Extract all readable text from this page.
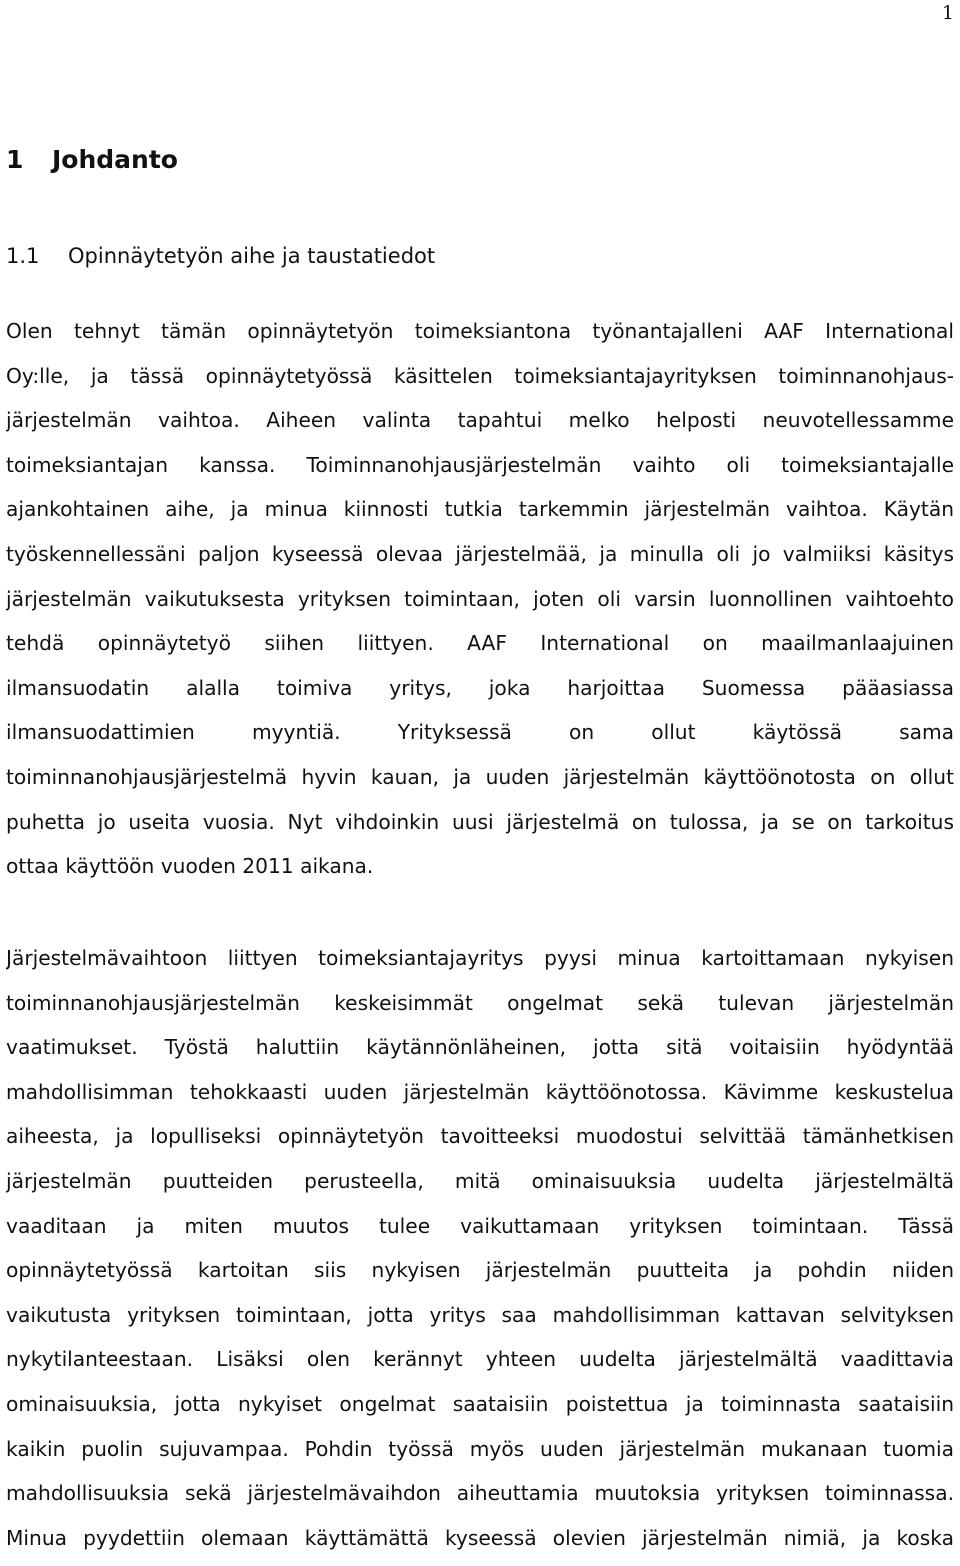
1
1 Johdanto
1.1 Opinnäytetyön aihe ja taustatiedot
Olen tehnyt tämän opinnäytetyön toimeksiantona työnantajalleni AAF International
Oy:lle, ja tässä opinnäytetyössä käsittelen toimeksiantajayrityksen toiminnanohjaus-
järjestelmän vaihtoa. Aiheen valinta tapahtui melko helposti neuvotellessamme
toimeksiantajan kanssa. Toiminnanohjausjärjestelmän vaihto oli toimeksiantajalle
ajankohtainen aihe, ja minua kiinnosti tutkia tarkemmin järjestelmän vaihtoa. Käytän
työskennellessäni paljon kyseessä olevaa järjestelmää, ja minulla oli jo valmiiksi käsitys
järjestelmän vaikutuksesta yrityksen toimintaan, joten oli varsin luonnollinen vaihtoehto
tehdä opinnäytetyö siihen liittyen. AAF International on maailmanlaajuinen
ilmansuodatin alalla toimiva yritys, joka harjoittaa Suomessa pääasiassa
ilmansuodattimien myyntiä. Yrityksessä on ollut käytössä sama
toiminnanohjausjärjestelmä hyvin kauan, ja uuden järjestelmän käyttöönotosta on ollut
puhetta jo useita vuosia. Nyt vihdoinkin uusi järjestelmä on tulossa, ja se on tarkoitus
ottaa käyttöön vuoden 2011 aikana.
Järjestelmävaihtoon liittyen toimeksiantajayritys pyysi minua kartoittamaan nykyisen
toiminnanohjausjärjestelmän keskeisimmät ongelmat sekä tulevan järjestelmän
vaatimukset. Työstä haluttiin käytännönläheinen, jotta sitä voitaisiin hyödyntää
mahdollisimman tehokkaasti uuden järjestelmän käyttöönotossa. Kävimme keskustelua
aiheesta, ja lopulliseksi opinnäytetyön tavoitteeksi muodostui selvittää tämänhetkisen
järjestelmän puutteiden perusteella, mitä ominaisuuksia uudelta järjestelmältä
vaaditaan ja miten muutos tulee vaikuttamaan yrityksen toimintaan. Tässä
opinnäytetyössä kartoitan siis nykyisen järjestelmän puutteita ja pohdin niiden
vaikutusta yrityksen toimintaan, jotta yritys saa mahdollisimman kattavan selvityksen
nykytilanteestaan. Lisäksi olen kerännyt yhteen uudelta järjestelmältä vaadittavia
ominaisuuksia, jotta nykyiset ongelmat saataisiin poistettua ja toiminnasta saataisiin
kaikin puolin sujuvampaa. Pohdin työssä myös uuden järjestelmän mukanaan tuomia
mahdollisuuksia sekä järjestelmävaihdon aiheuttamia muutoksia yrityksen toiminnassa.
Minua pyydettiin olemaan käyttämättä kyseessä olevien järjestelmän nimiä, ja koska
